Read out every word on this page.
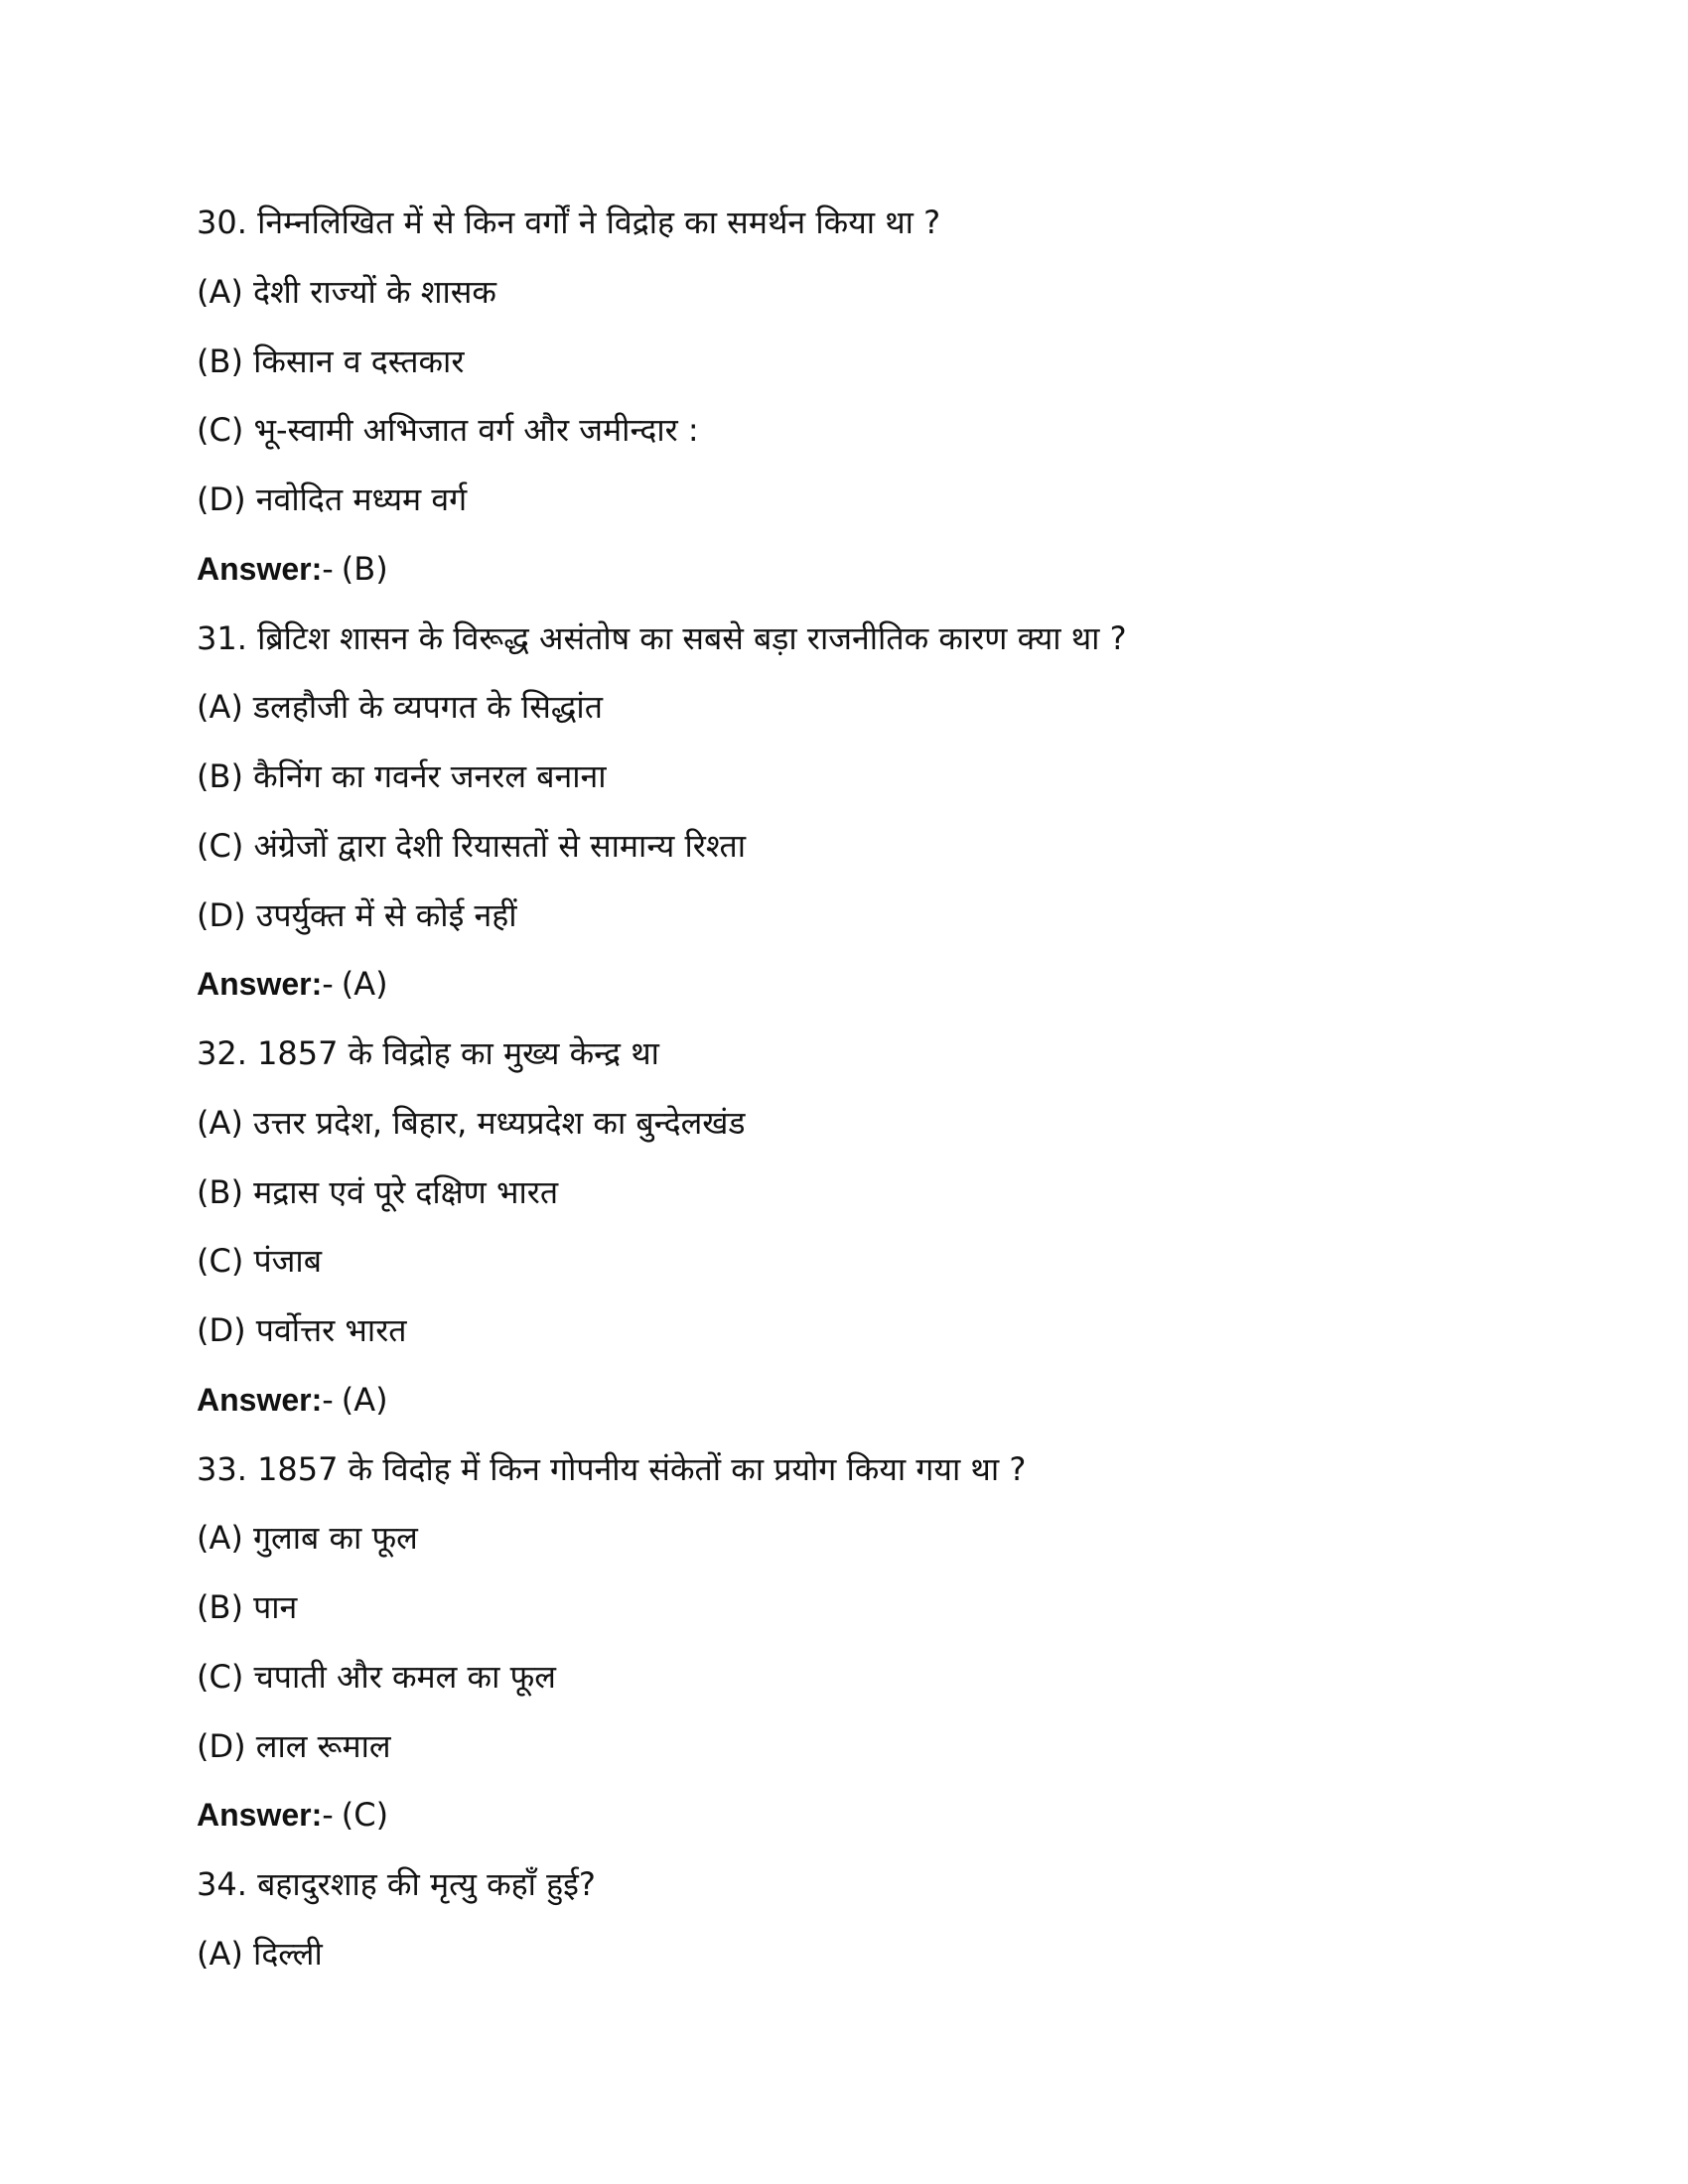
30. निम्नलिखित में से किन वर्गों ने विद्रोह का समर्थन किया था ?
(A) देशी राज्यों के शासक
(B) किसान व दस्तकार
(C) भू-स्वामी अभिजात वर्ग और जमीन्दार :
(D) नवोदित मध्यम वर्ग
Answer:- (B)
31. ब्रिटिश शासन के विरूद्ध असंतोष का सबसे बड़ा राजनीतिक कारण क्या था ?
(A) डलहौजी के व्यपगत के सिद्धांत
(B) कैनिंग का गवर्नर जनरल बनाना
(C) अंग्रेजों द्वारा देशी रियासतों से सामान्य रिश्ता
(D) उपर्युक्त में से कोई नहीं
Answer:- (A)
32. 1857 के विद्रोह का मुख्य केन्द्र था
(A) उत्तर प्रदेश, बिहार, मध्यप्रदेश का बुन्देलखंड
(B) मद्रास एवं पूरे दक्षिण भारत
(C) पंजाब
(D) पर्वोत्तर भारत
Answer:- (A)
33. 1857 के विदोह में किन गोपनीय संकेतों का प्रयोग किया गया था ?
(A) गुलाब का फूल
(B) पान
(C) चपाती और कमल का फूल
(D) लाल रूमाल
Answer:- (C)
34. बहादुरशाह की मृत्यु कहाँ हुई?
(A) दिल्ली
